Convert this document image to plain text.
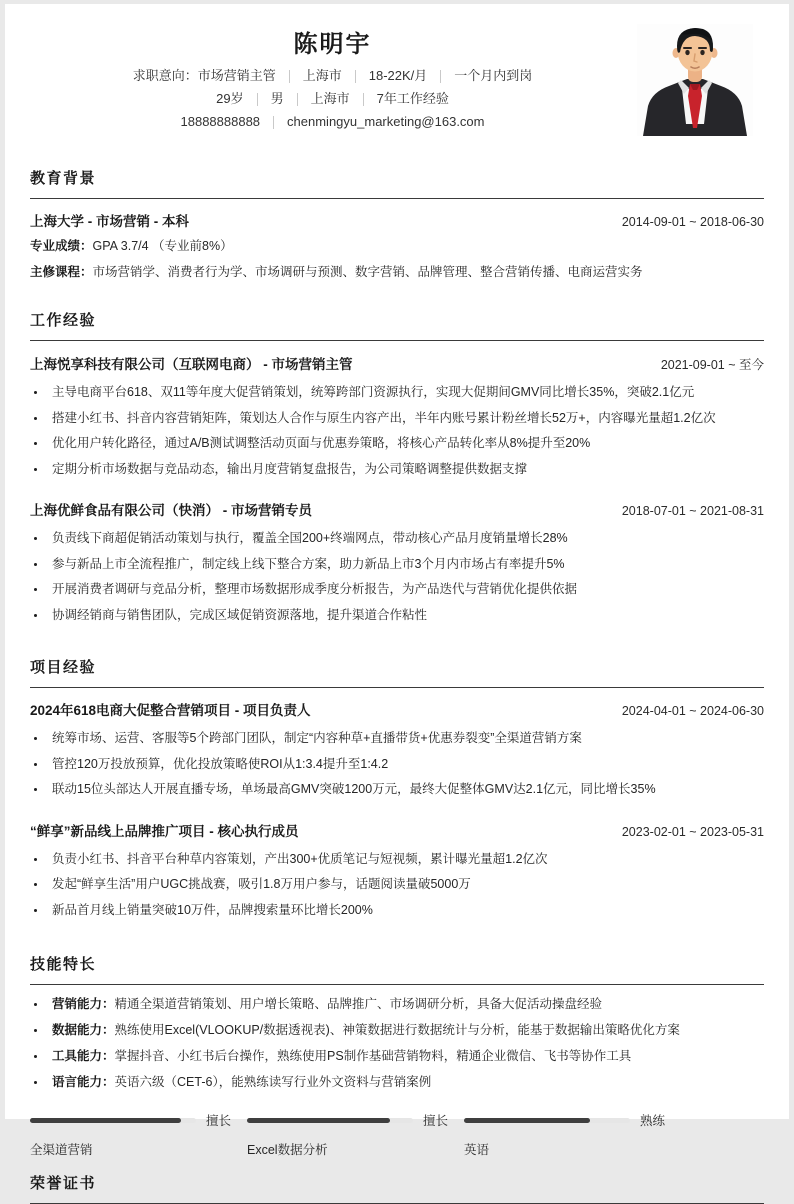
陈明宇
求职意向：市场营销主管	上海市	18-22K/月	一个月内到岗
29岁	男	上海市	7年工作经验
18888888888	chenmingyu_marketing@163.com
教育背景
上海大学 - 市场营销 - 本科	2014-09-01 ~ 2018-06-30
专业成绩：GPA 3.7/4 （专业前8%）
主修课程：市场营销学、消费者行为学、市场调研与预测、数字营销、品牌管理、整合营销传播、电商运营实务
工作经验
上海悦享科技有限公司（互联网电商） - 市场营销主管	2021-09-01 ~ 至今
• 主导电商平台618、双11等年度大促营销策划，统筹跨部门资源执行，实现大促期间GMV同比增长35%，突破2.1亿元
• 搭建小红书、抖音内容营销矩阵，策划达人合作与原生内容产出，半年内账号累计粉丝增长52万+，内容曝光量超1.2亿次
• 优化用户转化路径，通过A/B测试调整活动页面与优惠券策略，将核心产品转化率从8%提升至20%
• 定期分析市场数据与竞品动态，输出月度营销复盘报告，为公司策略调整提供数据支撑
上海优鲜食品有限公司（快消） - 市场营销专员	2018-07-01 ~ 2021-08-31
• 负责线下商超促销活动策划与执行，覆盖全国200+终端网点，带动核心产品月度销量增长28%
• 参与新品上市全流程推广，制定线上线下整合方案，助力新品上市3个月内市场占有率提升5%
• 开展消费者调研与竞品分析，整理市场数据形成季度分析报告，为产品迭代与营销优化提供依据
• 协调经销商与销售团队，完成区域促销资源落地，提升渠道合作粘性
项目经验
2024年618电商大促整合营销项目 - 项目负责人	2024-04-01 ~ 2024-06-30
• 统筹市场、运营、客服等5个跨部门团队，制定“内容种草+直播带货+优惠券裂变”全渠道营销方案
• 管控120万投放预算，优化投放策略使ROI从1:3.4提升至1:4.2
• 联动15位头部达人开展直播专场，单场最高GMV突破1200万元，最终大促整体GMV达2.1亿元，同比增长35%
“鲜享”新品线上品牌推广项目 - 核心执行成员	2023-02-01 ~ 2023-05-31
• 负责小红书、抖音平台种草内容策划，产出300+优质笔记与短视频，累计曝光量超1.2亿次
• 发起“鲜享生活”用户UGC挑战赛，吸引1.8万用户参与，话题阅读量破5000万
• 新品首月线上销量突破10万件，品牌搜索量环比增长200%
技能特长
• 营销能力：精通全渠道营销策划、用户增长策略、品牌推广、市场调研分析，具备大促活动操盘经验
• 数据能力：熟练使用Excel(VLOOKUP/数据透视表)、神策数据进行数据统计与分析，能基于数据输出策略优化方案
• 工具能力：掌握抖音、小红书后台操作，熟练使用PS制作基础营销物料，精通企业微信、飞书等协作工具
• 语言能力：英语六级（CET-6），能熟练读写行业外文资料与营销案例
擅长
全渠道营销
擅长
Excel数据分析
熟练
英语
荣誉证书
